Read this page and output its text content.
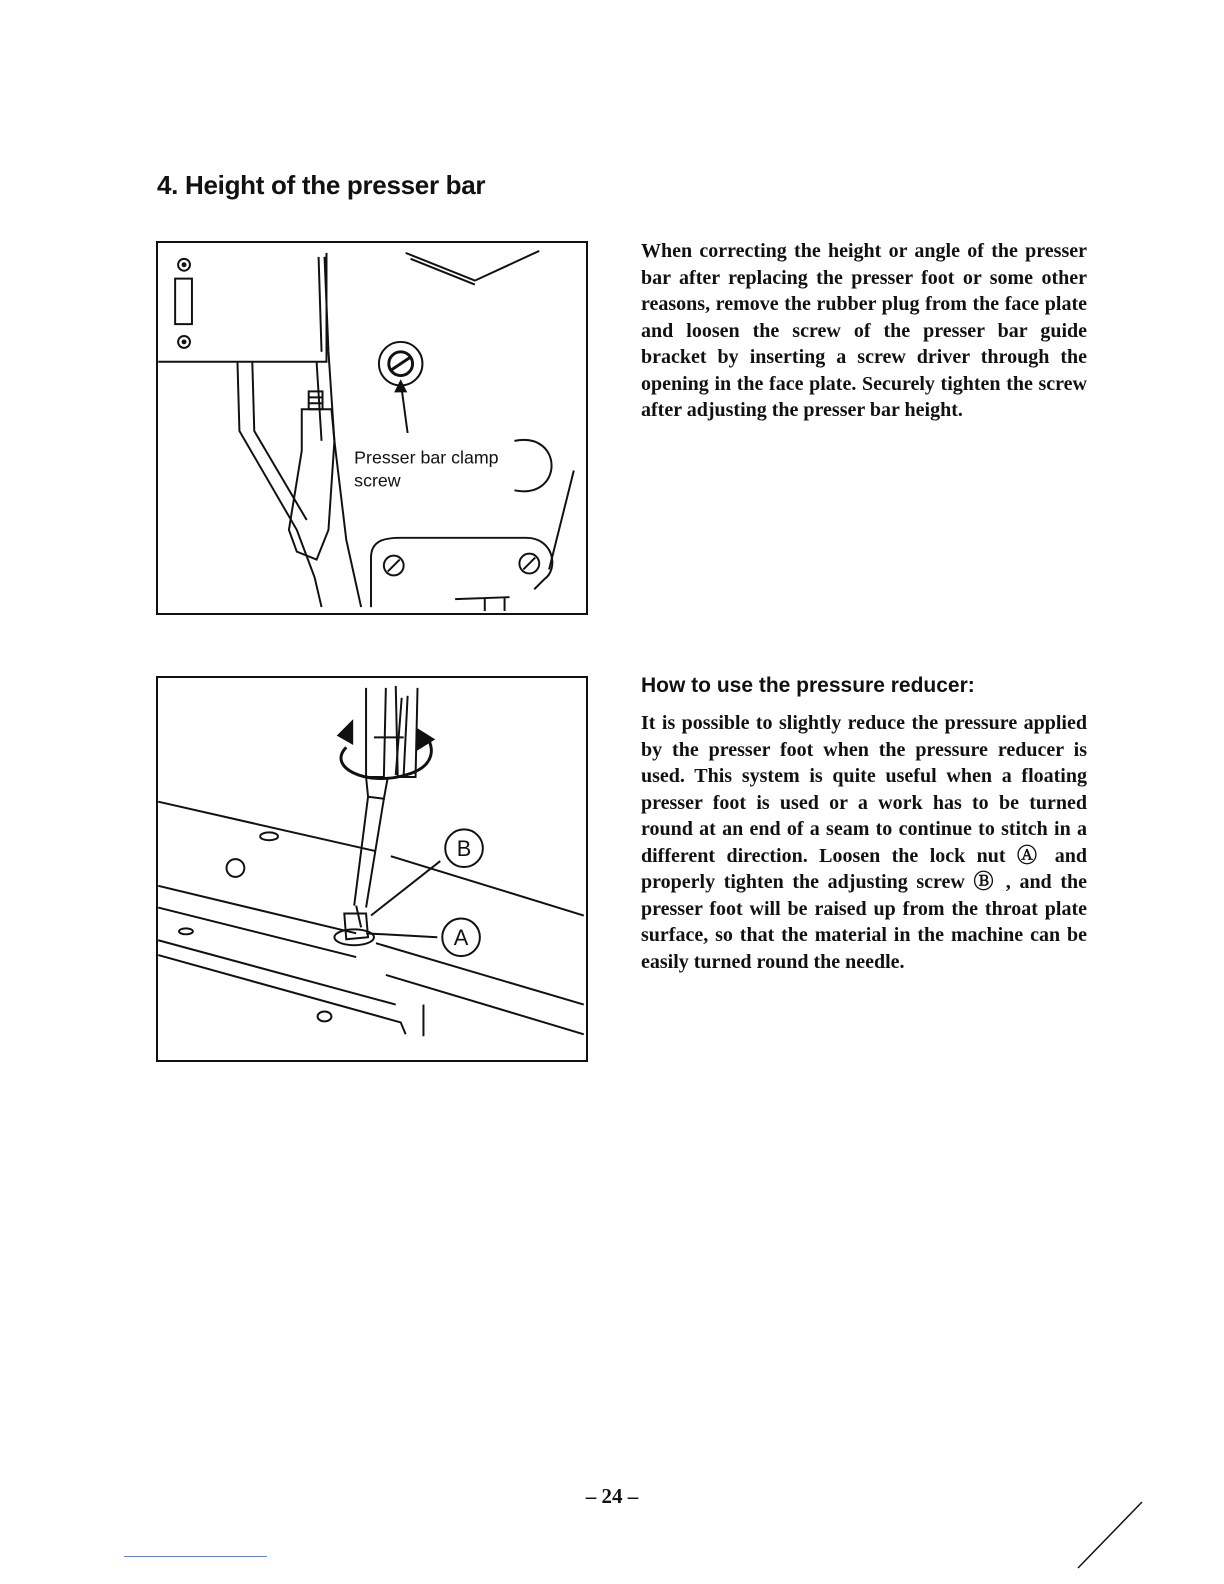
4. Height of the presser bar
Presser bar clamp
screw

When correcting the height or angle of the presser bar after replacing the presser foot or some other reasons, remove the rubber plug from the face plate and loosen the screw of the presser bar guide bracket by inserting a screw driver through the opening in the face plate. Securely tighten the screw after adjusting the presser bar height.

B
A
How to use the pressure reducer:

It is possible to slightly reduce the pressure applied by the presser foot when the pressure reducer is used. This system is quite useful when a floating presser foot is used or a work has to be turned round at an end of a seam to continue to stitch in a different direction. Loosen the lock nut Ⓐ and properly tighten the adjusting screw Ⓑ , and the presser foot will be raised up from the throat plate surface, so that the material in the machine can be easily turned round the needle.

– 24 –
